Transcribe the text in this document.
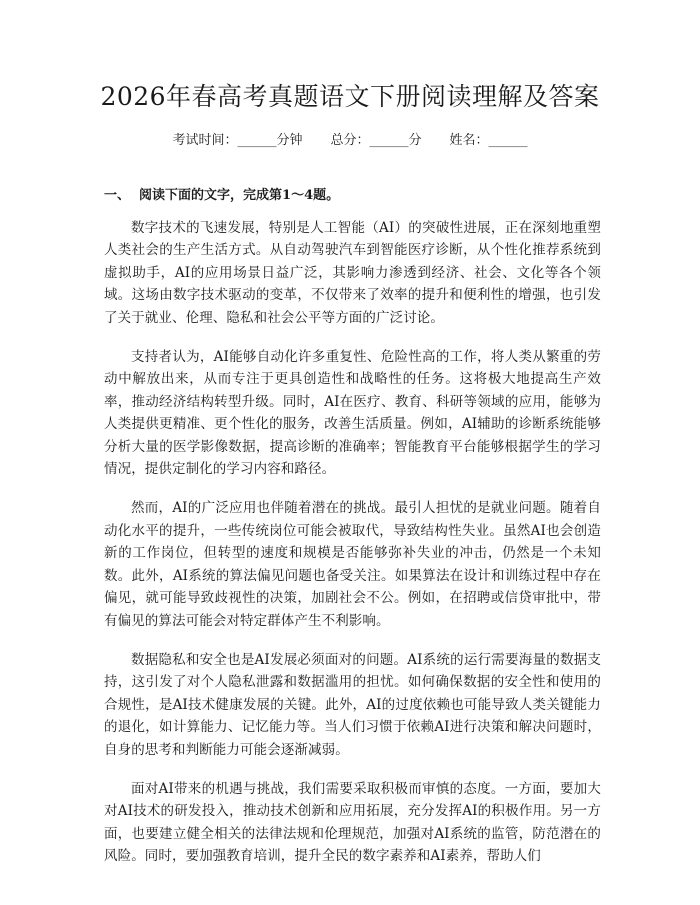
2026年春高考真题语文下册阅读理解及答案
考试时间：______分钟 总分：______分 姓名：______
一、  阅读下面的文字，完成第1～4题。

数字技术的飞速发展，特别是人工智能（AI）的突破性进展，正在深刻地重塑人类社会的生产生活方式。从自动驾驶汽车到智能医疗诊断，从个性化推荐系统到虚拟助手，AI的应用场景日益广泛，其影响力渗透到经济、社会、文化等各个领域。这场由数字技术驱动的变革，不仅带来了效率的提升和便利性的增强，也引发了关于就业、伦理、隐私和社会公平等方面的广泛讨论。

支持者认为，AI能够自动化许多重复性、危险性高的工作，将人类从繁重的劳动中解放出来，从而专注于更具创造性和战略性的任务。这将极大地提高生产效率，推动经济结构转型升级。同时，AI在医疗、教育、科研等领域的应用，能够为人类提供更精准、更个性化的服务，改善生活质量。例如，AI辅助的诊断系统能够分析大量的医学影像数据，提高诊断的准确率；智能教育平台能够根据学生的学习情况，提供定制化的学习内容和路径。

然而，AI的广泛应用也伴随着潜在的挑战。最引人担忧的是就业问题。随着自动化水平的提升，一些传统岗位可能会被取代，导致结构性失业。虽然AI也会创造新的工作岗位，但转型的速度和规模是否能够弥补失业的冲击，仍然是一个未知数。此外，AI系统的算法偏见问题也备受关注。如果算法在设计和训练过程中存在偏见，就可能导致歧视性的决策，加剧社会不公。例如，在招聘或信贷审批中，带有偏见的算法可能会对特定群体产生不利影响。

数据隐私和安全也是AI发展必须面对的问题。AI系统的运行需要海量的数据支持，这引发了对个人隐私泄露和数据滥用的担忧。如何确保数据的安全性和使用的合规性，是AI技术健康发展的关键。此外，AI的过度依赖也可能导致人类关键能力的退化，如计算能力、记忆能力等。当人们习惯于依赖AI进行决策和解决问题时，自身的思考和判断能力可能会逐渐减弱。

面对AI带来的机遇与挑战，我们需要采取积极而审慎的态度。一方面，要加大对AI技术的研发投入，推动技术创新和应用拓展，充分发挥AI的积极作用。另一方面，也要建立健全相关的法律法规和伦理规范，加强对AI系统的监管，防范潜在的风险。同时，要加强教育培训，提升全民的数字素养和AI素养，帮助人们
